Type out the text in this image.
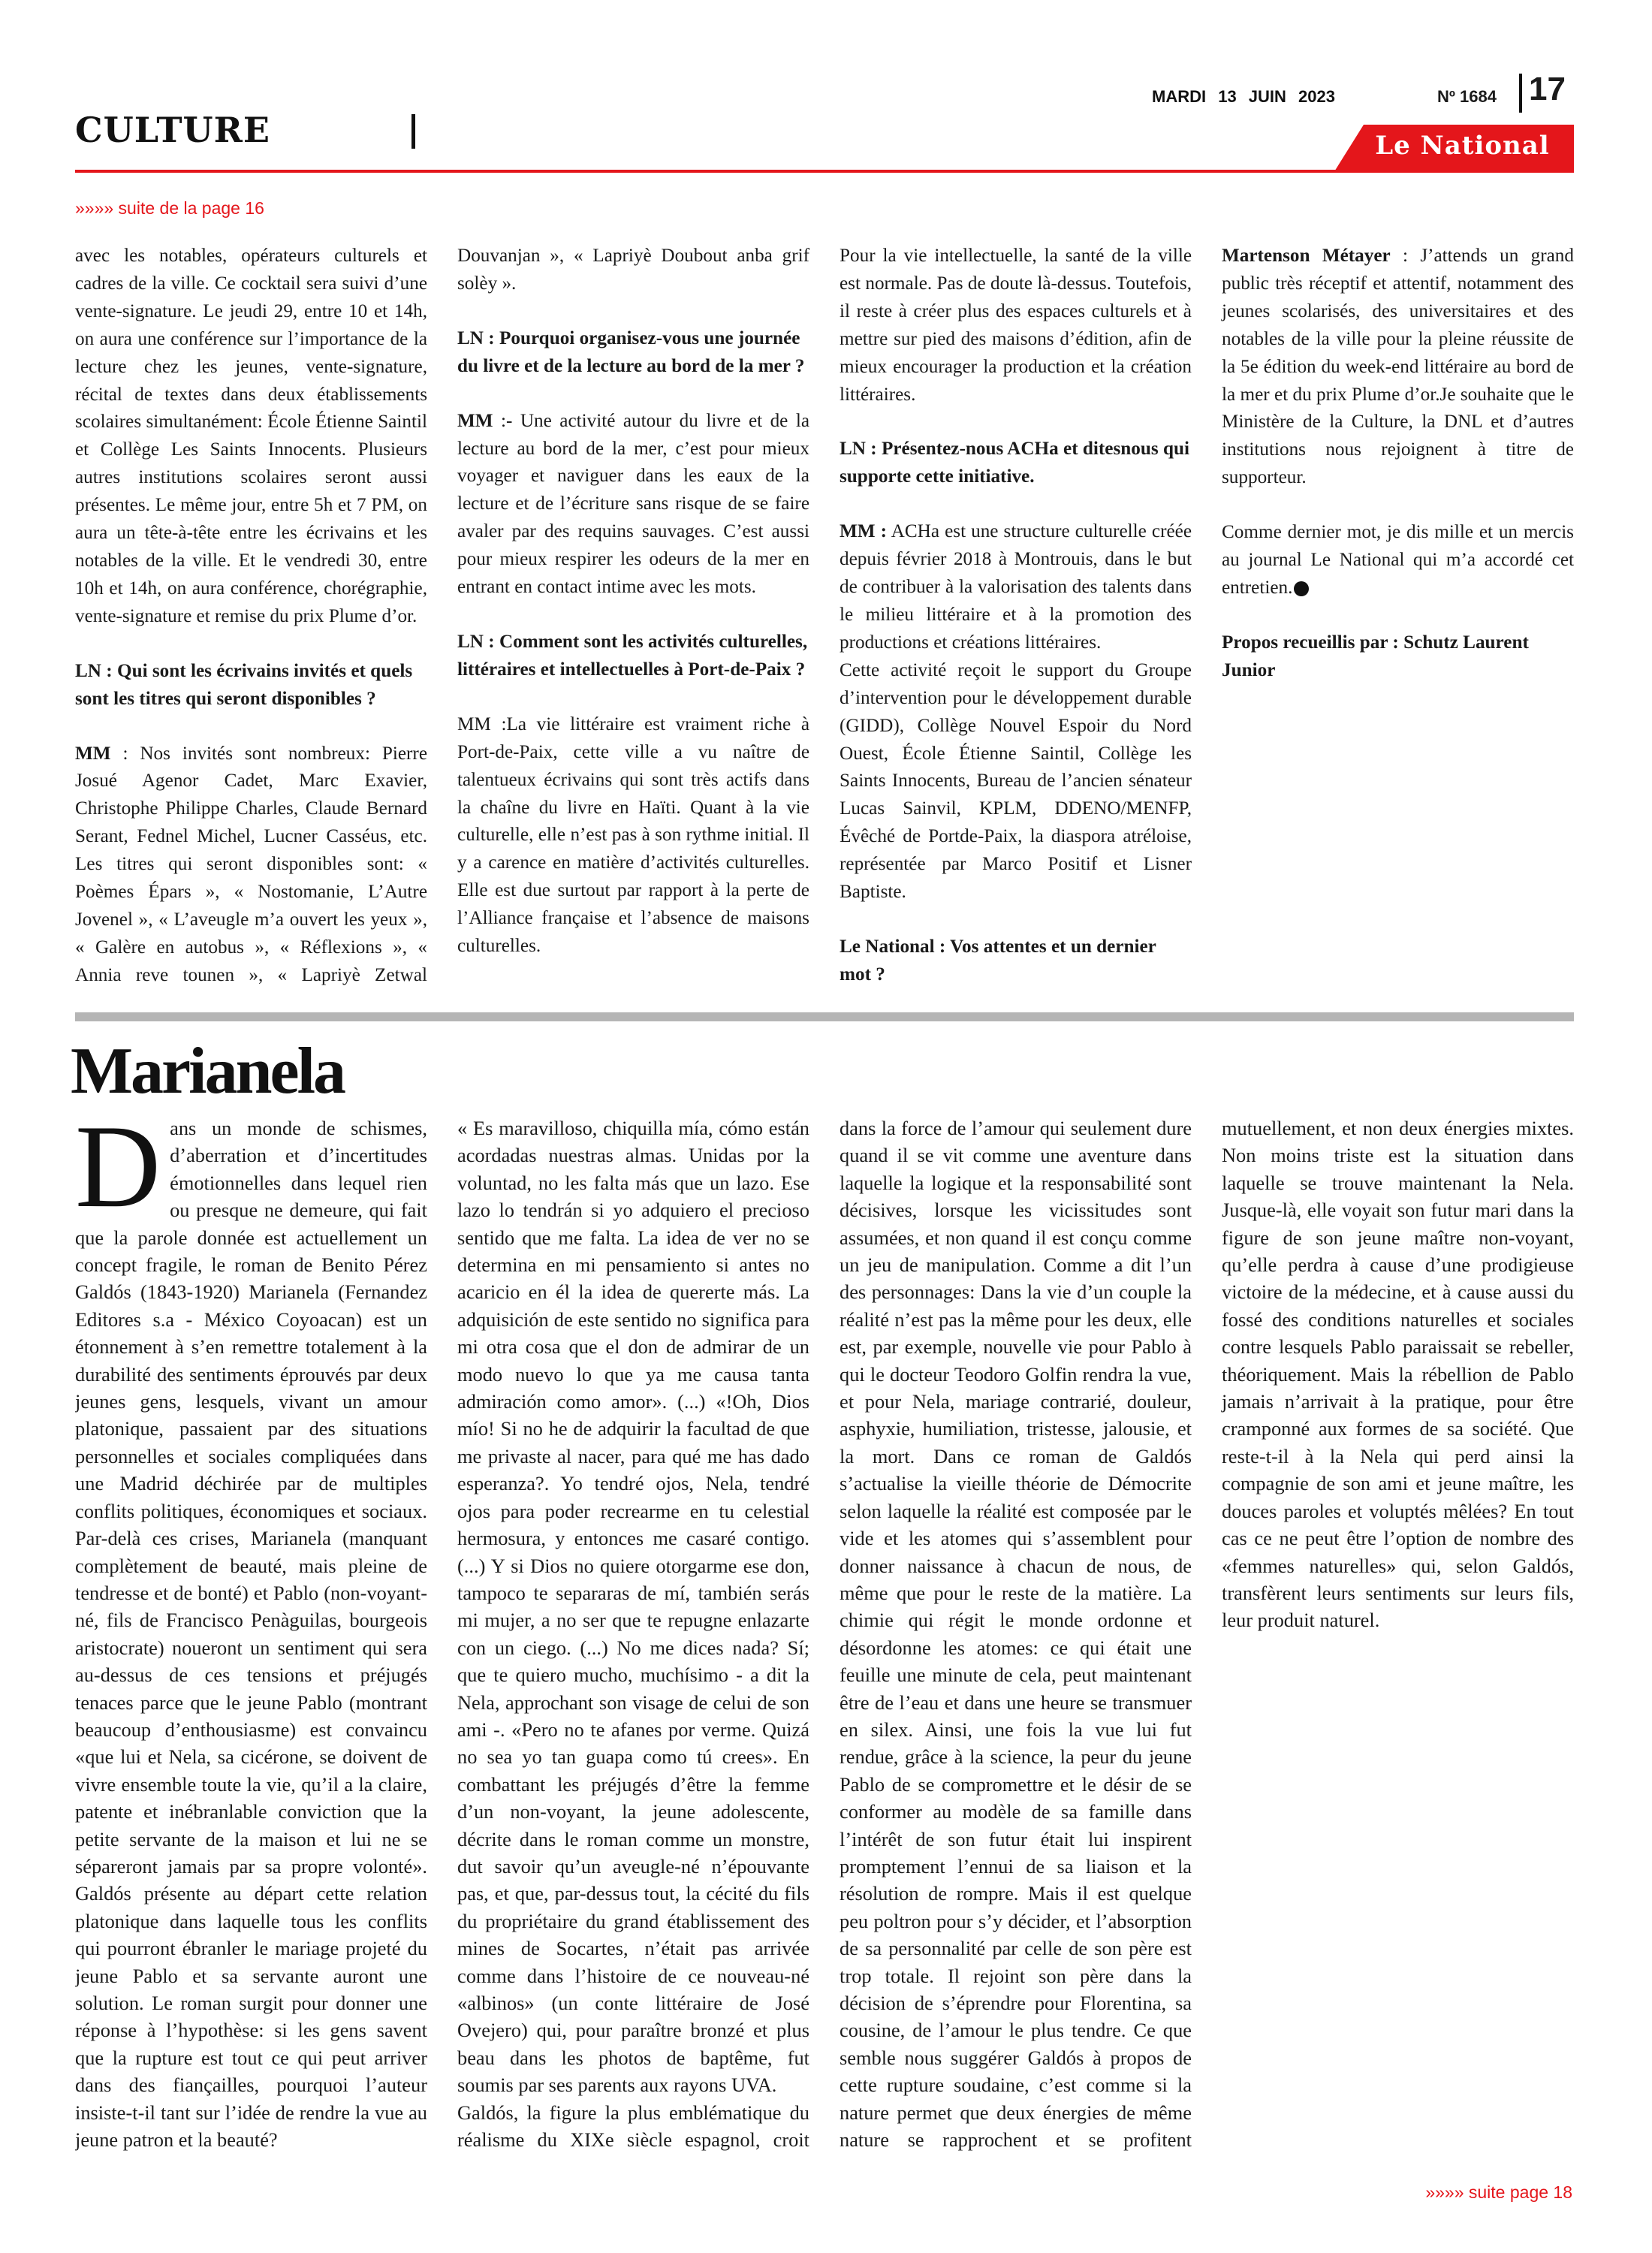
CULTURE
MARDI 13 JUIN 2023	Nº 1684 17
Le National
»»»» suite de la page 16

avec les notables, opérateurs culturels et cadres de la ville. Ce cocktail sera suivi d’une vente-signature. Le jeudi 29, entre 10 et 14h, on aura une conférence sur l’importance de la lecture chez les jeunes, vente-signature, récital de textes dans deux établissements scolaires simultanément: École Étienne Saintil et Collège Les Saints Innocents. Plusieurs autres institutions scolaires seront aussi présentes. Le même jour, entre 5h et 7 PM, on aura un tête-à-tête entre les écrivains et les notables de la ville. Et le vendredi 30, entre 10h et 14h, on aura conférence, chorégraphie, vente-signature et remise du prix Plume d’or.

LN : Qui sont les écrivains invités et quels sont les titres qui seront disponibles ?

MM : Nos invités sont nombreux: Pierre Josué Agenor Cadet, Marc Exavier, Christophe Philippe Charles, Claude Bernard Serant, Fednel Michel, Lucner Casséus, etc. Les titres qui seront disponibles sont: « Poèmes Épars », « Nostomanie, L’Autre Jovenel », « L’aveugle m’a ouvert les yeux », « Galère en autobus », « Réflexions », « Annia reve tounen », « Lapriyè Zetwal Douvanjan », « Lapriyè Doubout anba grif solèy ».

LN : Pourquoi organisez-vous une journée du livre et de la lecture au bord de la mer ?

MM :- Une activité autour du livre et de la lecture au bord de la mer, c’est pour mieux voyager et naviguer dans les eaux de la lecture et de l’écriture sans risque de se faire avaler par des requins sauvages. C’est aussi pour mieux respirer les odeurs de la mer en entrant en contact intime avec les mots.

LN : Comment sont les activités culturelles, littéraires et intellectuelles à Port-de-Paix ?

MM :La vie littéraire est vraiment riche à Port-de-Paix, cette ville a vu naître de talentueux écrivains qui sont très actifs dans la chaîne du livre en Haïti. Quant à la vie culturelle, elle n’est pas à son rythme initial. Il y a carence en matière d’activités culturelles. Elle est due surtout par rapport à la perte de l’Alliance française et l’absence de maisons culturelles.

Pour la vie intellectuelle, la santé de la ville est normale. Pas de doute là-dessus. Toutefois, il reste à créer plus des espaces culturels et à mettre sur pied des maisons d’édition, afin de mieux encourager la production et la création littéraires.

LN : Présentez-nous ACHa et ditesnous qui supporte cette initiative.

MM : ACHa est une structure culturelle créée depuis février 2018 à Montrouis, dans le but de contribuer à la valorisation des talents dans le milieu littéraire et à la promotion des productions et créations littéraires.

Cette activité reçoit le support du Groupe d’intervention pour le développement durable (GIDD), Collège Nouvel Espoir du Nord Ouest, École Étienne Saintil, Collège les Saints Innocents, Bureau de l’ancien sénateur Lucas Sainvil, KPLM, DDENO/MENFP, Évêché de Portde-Paix, la diaspora atréloise, représentée par Marco Positif et Lisner Baptiste.

Le National : Vos attentes et un dernier mot ?

Martenson Métayer : J’attends un grand public très réceptif et attentif, notamment des jeunes scolarisés, des universitaires et des notables de la ville pour la pleine réussite de la 5e édition du week-end littéraire au bord de la mer et du prix Plume d’or.Je souhaite que le Ministère de la Culture, la DNL et d’autres institutions nous rejoignent à titre de supporteur.

Comme dernier mot, je dis mille et un mercis au journal Le National qui m’a accordé cet entretien.

Propos recueillis par : Schutz Laurent Junior

Marianela

Dans un monde de schismes, d’aberration et d’incertitudes émotionnelles dans lequel rien ou presque ne demeure, qui fait que la parole donnée est actuellement un concept fragile, le roman de Benito Pérez Galdós (1843-1920) Marianela (Fernandez Editores s.a - México Coyoacan) est un étonnement à s’en remettre totalement à la durabilité des sentiments éprouvés par deux jeunes gens, lesquels, vivant un amour platonique, passaient par des situations personnelles et sociales compliquées dans une Madrid déchirée par de multiples conflits politiques, économiques et sociaux. Par-delà ces crises, Marianela (manquant complètement de beauté, mais pleine de tendresse et de bonté) et Pablo (non-voyant-né, fils de Francisco Penàguilas, bourgeois aristocrate) noueront un sentiment qui sera au-dessus de ces tensions et préjugés tenaces parce que le jeune Pablo (montrant beaucoup d’enthousiasme) est convaincu «que lui et Nela, sa cicérone, se doivent de vivre ensemble toute la vie, qu’il a la claire, patente et inébranlable conviction que la petite servante de la maison et lui ne se sépareront jamais par sa propre volonté». Galdós présente au départ cette relation platonique dans laquelle tous les conflits qui pourront ébranler le mariage projeté du jeune Pablo et sa servante auront une solution. Le roman surgit pour donner une réponse à l’hypothèse: si les gens savent que la rupture est tout ce qui peut arriver dans des fiançailles, pourquoi l’auteur insiste-t-il tant sur l’idée de rendre la vue au jeune patron et la beauté?

« Es maravilloso, chiquilla mía, cómo están acordadas nuestras almas. Unidas por la voluntad, no les falta más que un lazo. Ese lazo lo tendrán si yo adquiero el precioso sentido que me falta. La idea de ver no se determina en mi pensamiento si antes no acaricio en él la idea de quererte más. La adquisición de este sentido no significa para mi otra cosa que el don de admirar de un modo nuevo lo que ya me causa tanta admiración como amor». (...) «!Oh, Dios mío! Si no he de adquirir la facultad de que me privaste al nacer, para qué me has dado esperanza?. Yo tendré ojos, Nela, tendré ojos para poder recrearme en tu celestial hermosura, y entonces me casaré contigo. (...) Y si Dios no quiere otorgarme ese don, tampoco te separaras de mí, también serás mi mujer, a no ser que te repugne enlazarte con un ciego. (...) No me dices nada? Sí; que te quiero mucho, muchísimo - a dit la Nela, approchant son visage de celui de son ami -. «Pero no te afanes por verme. Quizá no sea yo tan guapa como tú crees». En combattant les préjugés d’être la femme d’un non-voyant, la jeune adolescente, décrite dans le roman comme un monstre, dut savoir qu’un aveugle-né n’épouvante pas, et que, par-dessus tout, la cécité du fils du propriétaire du grand établissement des mines de Socartes, n’était pas arrivée comme dans l’histoire de ce nouveau-né «albinos» (un conte littéraire de José Ovejero) qui, pour paraître bronzé et plus beau dans les photos de baptême, fut soumis par ses parents aux rayons UVA.

Galdós, la figure la plus emblématique du réalisme du XIXe siècle espagnol, croit dans la force de l’amour qui seulement dure quand il se vit comme une aventure dans laquelle la logique et la responsabilité sont décisives, lorsque les vicissitudes sont assumées, et non quand il est conçu comme un jeu de manipulation. Comme a dit l’un des personnages: Dans la vie d’un couple la réalité n’est pas la même pour les deux, elle est, par exemple, nouvelle vie pour Pablo à qui le docteur Teodoro Golfin rendra la vue, et pour Nela, mariage contrarié, douleur, asphyxie, humiliation, tristesse, jalousie, et la mort. Dans ce roman de Galdós s’actualise la vieille théorie de Démocrite selon laquelle la réalité est composée par le vide et les atomes qui s’assemblent pour donner naissance à chacun de nous, de même que pour le reste de la matière. La chimie qui régit le monde ordonne et désordonne les atomes: ce qui était une feuille une minute de cela, peut maintenant être de l’eau et dans une heure se transmuer en silex. Ainsi, une fois la vue lui fut rendue, grâce à la science, la peur du jeune Pablo de se compromettre et le désir de se conformer au modèle de sa famille dans l’intérêt de son futur était lui inspirent promptement l’ennui de sa liaison et la résolution de rompre. Mais il est quelque peu poltron pour s’y décider, et l’absorption de sa personnalité par celle de son père est trop totale. Il rejoint son père dans la décision de s’éprendre pour Florentina, sa cousine, de l’amour le plus tendre. Ce que semble nous suggérer Galdós à propos de cette rupture soudaine, c’est comme si la nature permet que deux énergies de même nature se rapprochent et se profitent mutuellement, et non deux énergies mixtes. Non moins triste est la situation dans laquelle se trouve maintenant la Nela. Jusque-là, elle voyait son futur mari dans la figure de son jeune maître non-voyant, qu’elle perdra à cause d’une prodigieuse victoire de la médecine, et à cause aussi du fossé des conditions naturelles et sociales contre lesquels Pablo paraissait se rebeller, théoriquement. Mais la rébellion de Pablo jamais n’arrivait à la pratique, pour être cramponné aux formes de sa société. Que reste-t-il à la Nela qui perd ainsi la compagnie de son ami et jeune maître, les douces paroles et voluptés mêlées? En tout cas ce ne peut être l’option de nombre des «femmes naturelles» qui, selon Galdós, transfèrent leurs sentiments sur leurs fils, leur produit naturel.

»»»» suite page 18
